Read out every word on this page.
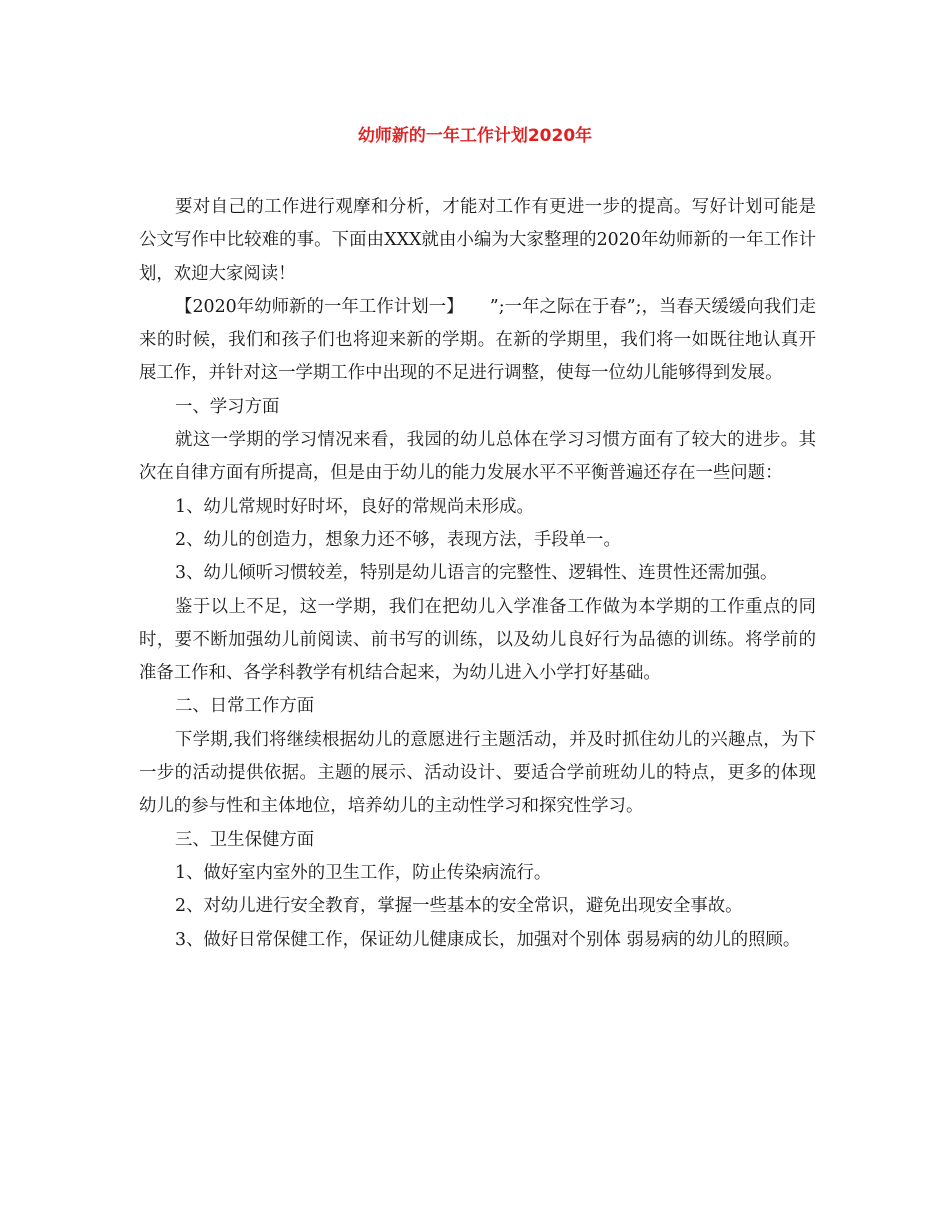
幼师新的一年工作计划2020年

要对自己的工作进行观摩和分析，才能对工作有更进一步的提高。写好计划可能是公文写作中比较难的事。下面由XXX就由小编为大家整理的2020年幼师新的一年工作计划，欢迎大家阅读！

【2020年幼师新的一年工作计划一】　　”;一年之际在于春”;，当春天缓缓向我们走来的时候，我们和孩子们也将迎来新的学期。在新的学期里，我们将一如既往地认真开展工作，并针对这一学期工作中出现的不足进行调整，使每一位幼儿能够得到发展。

一、学习方面

就这一学期的学习情况来看，我园的幼儿总体在学习习惯方面有了较大的进步。其次在自律方面有所提高，但是由于幼儿的能力发展水平不平衡普遍还存在一些问题：

1、幼儿常规时好时坏，良好的常规尚未形成。

2、幼儿的创造力，想象力还不够，表现方法，手段单一。

3、幼儿倾听习惯较差，特别是幼儿语言的完整性、逻辑性、连贯性还需加强。

鉴于以上不足，这一学期，我们在把幼儿入学准备工作做为本学期的工作重点的同时，要不断加强幼儿前阅读、前书写的训练，以及幼儿良好行为品德的训练。将学前的准备工作和、各学科教学有机结合起来，为幼儿进入小学打好基础。

二、日常工作方面

下学期,我们将继续根据幼儿的意愿进行主题活动，并及时抓住幼儿的兴趣点，为下一步的活动提供依据。主题的展示、活动设计、要适合学前班幼儿的特点，更多的体现幼儿的参与性和主体地位，培养幼儿的主动性学习和探究性学习。

三、卫生保健方面

1、做好室内室外的卫生工作，防止传染病流行。

2、对幼儿进行安全教育，掌握一些基本的安全常识，避免出现安全事故。

3、做好日常保健工作，保证幼儿健康成长，加强对个别体 弱易病的幼儿的照顾。
